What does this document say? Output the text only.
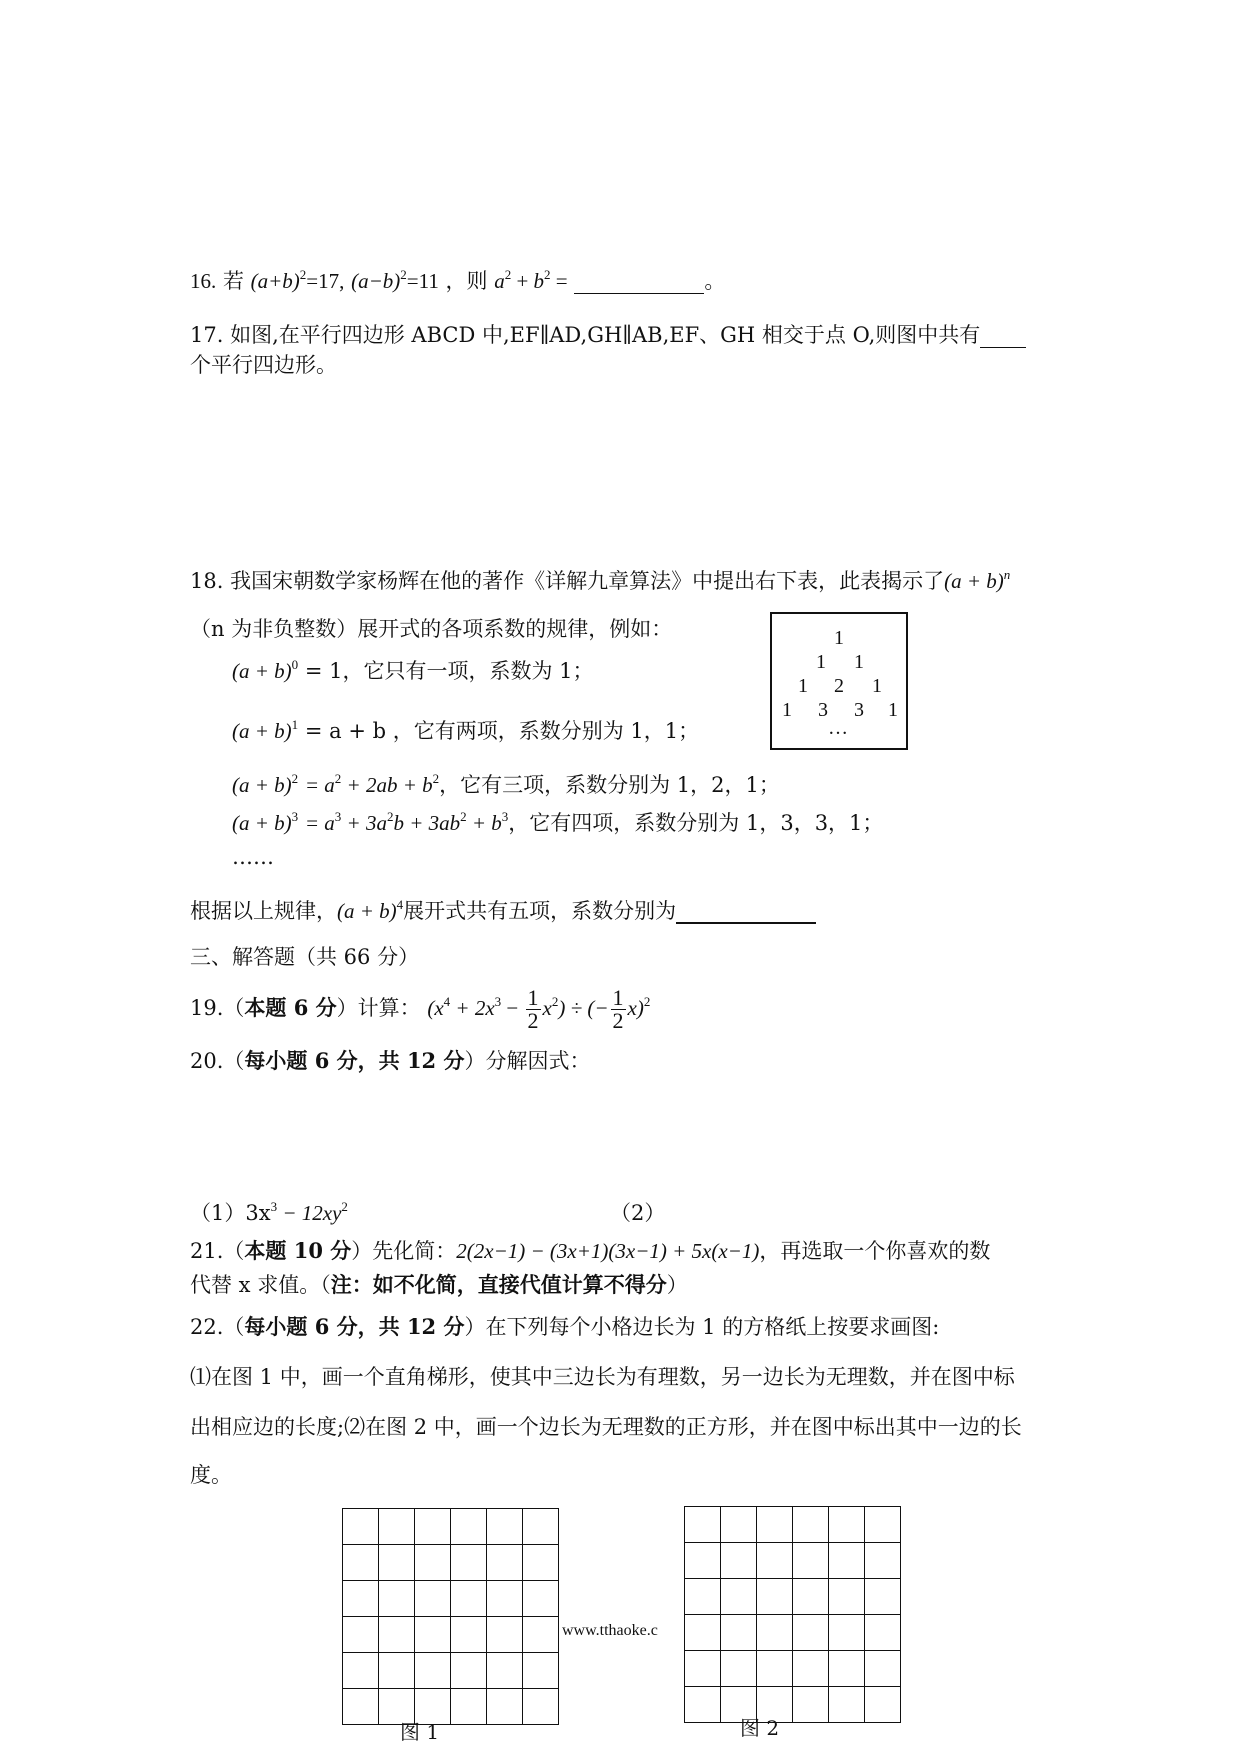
16. 若 $(a+b)^2=17$, $(a-b)^2=11$ ，则 $a^2 + b^2$ =	。
17. 如图,在平行四边形 ABCD 中,EF∥AD,GH∥AB,EF、GH 相交于点 O,则图中共有
个平行四边形。
18. 我国宋朝数学家杨辉在他的著作《详解九章算法》中提出右下表，此表揭示了$(a + b)^n$
（n 为非负整数）展开式的各项系数的规律，例如：
$(a + b)^0 = 1$，它只有一项，系数为 1；
$(a + b)^1 = a + b$ ，它有两项，系数分别为 1，1；
$(a + b)^2 = a^2 + 2ab + b^2$，它有三项，系数分别为 1，2，1；
$(a + b)^3 = a^3 + 3a^2b + 3ab^2 + b^3$，它有四项，系数分别为 1，3，3，1；
……
1
1 1
1 2 1
1 3 3 1
…
根据以上规律，$(a + b)^4$展开式共有五项，系数分别为
三、解答题（共 66 分）
19.（本题 6 分）计算： $(x^4 + 2x^3 - \frac{1}{2} x^2)$ ÷ (− $\frac{1}{2} x)^2$
20.（每小题 6 分，共 12 分）分解因式：
$(1)3x^3 - 12xy^2$	（2）
21.（本题 10 分）先化简：2(2x−1) − (3x+1)(3x−1) + 5x(x−1)，再选取一个你喜欢的数
代替 x 求值。（注：如不化简，直接代值计算不得分）
22.（每小题 6 分，共 12 分）在下列每个小格边长为 1 的方格纸上按要求画图:
⑴在图 1 中，画一个直角梯形，使其中三边长为有理数，另一边长为无理数，并在图中标
出相应边的长度;⑵在图 2 中，画一个边长为无理数的正方形，并在图中标出其中一边的长
度。

www.tthaoke.c
图 1	图 2
